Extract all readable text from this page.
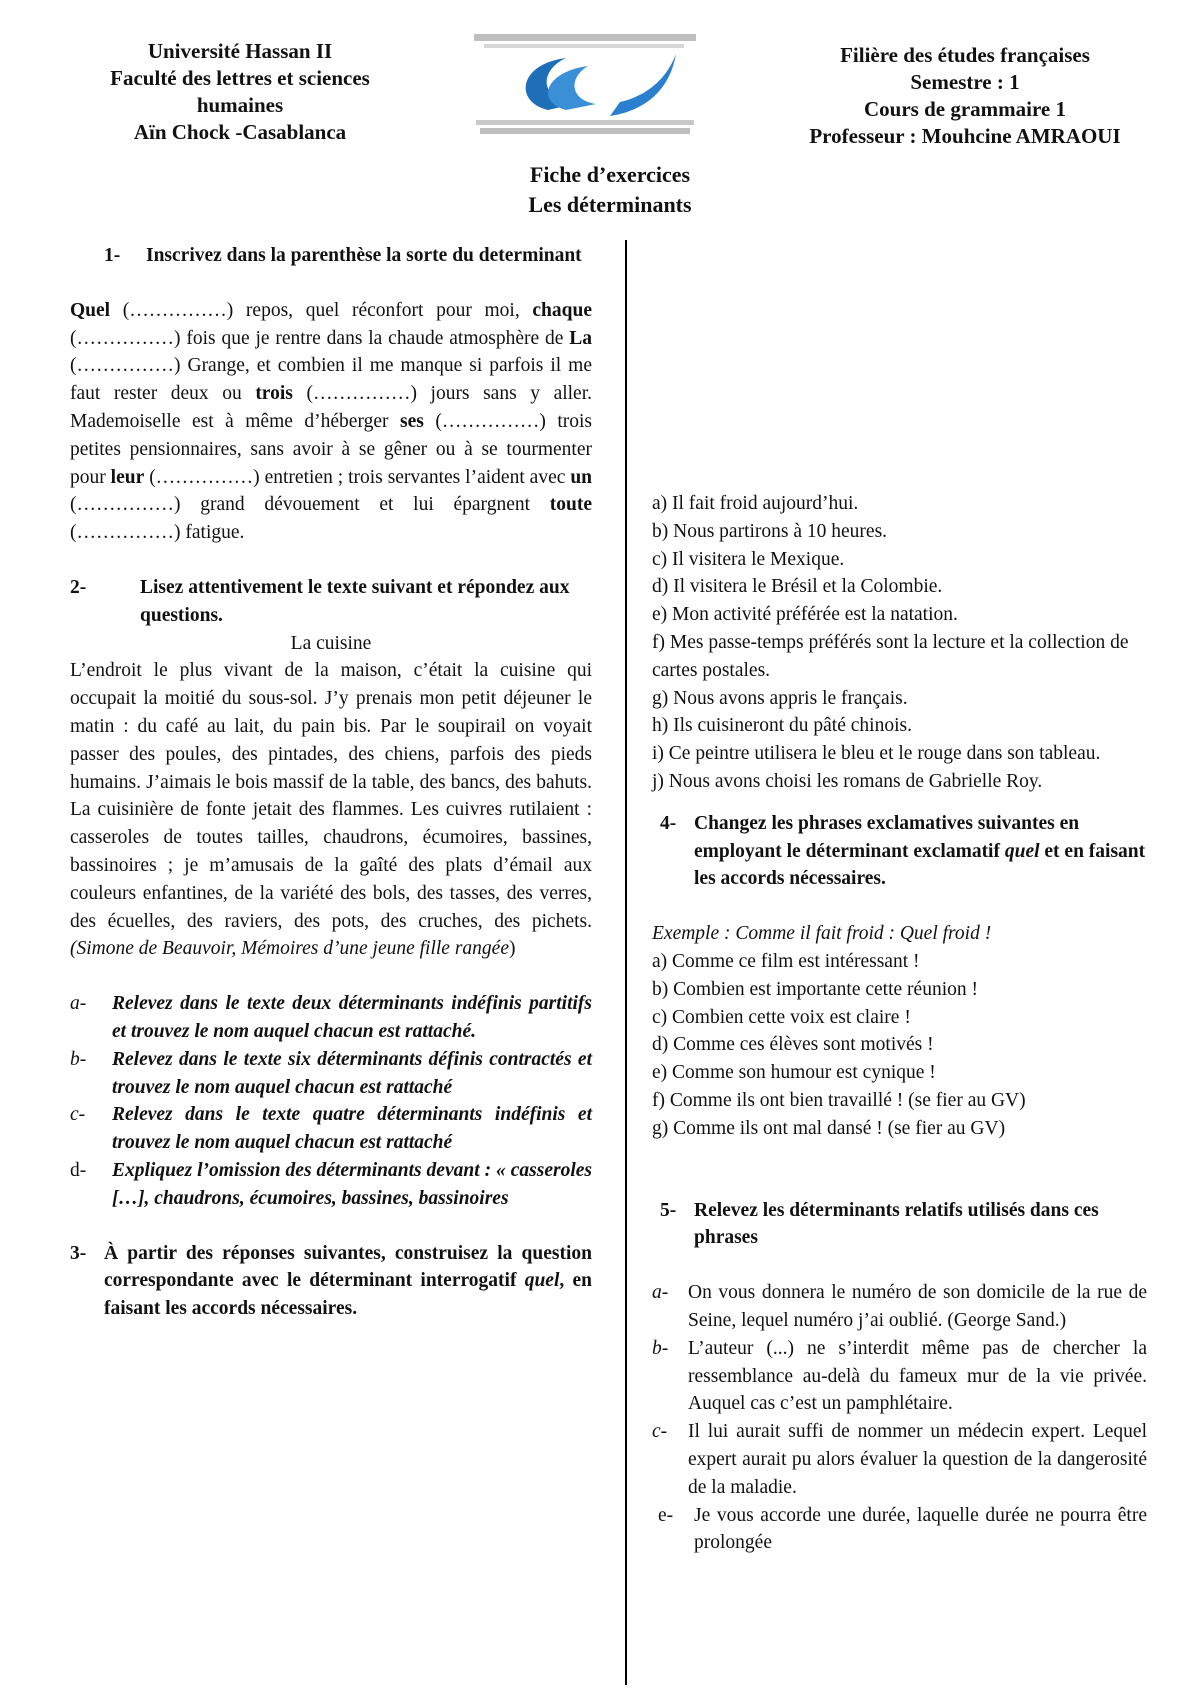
Université Hassan II
Faculté des lettres et sciences
humaines
Aïn Chock -Casablanca
Filière des études françaises
Semestre : 1
Cours de grammaire 1
Professeur : Mouhcine AMRAOUI
Fiche d’exercices
Les déterminants
1-	Inscrivez dans la parenthèse la sorte du determinant

Quel (……………) repos, quel réconfort pour moi, chaque (……………) fois que je rentre dans la chaude atmosphère de La (……………) Grange, et combien il me manque si parfois il me faut rester deux ou trois (……………) jours sans y aller. Mademoiselle est à même d’héberger ses (……………) trois petites pensionnaires, sans avoir à se gêner ou à se tourmenter pour leur (……………) entretien ; trois servantes l’aident avec un (……………) grand dévouement et lui épargnent toute (……………) fatigue.

2-	Lisez attentivement le texte suivant et répondez aux questions.
La cuisine

L’endroit le plus vivant de la maison, c’était la cuisine qui occupait la moitié du sous-sol. J’y prenais mon petit déjeuner le matin : du café au lait, du pain bis. Par le soupirail on voyait passer des poules, des pintades, des chiens, parfois des pieds humains. J’aimais le bois massif de la table, des bancs, des bahuts. La cuisinière de fonte jetait des flammes. Les cuivres rutilaient : casseroles de toutes tailles, chaudrons, écumoires, bassines, bassinoires ; je m’amusais de la gaîté des plats d’émail aux couleurs enfantines, de la variété des bols, des tasses, des verres, des écuelles, des raviers, des pots, des cruches, des pichets. (Simone de Beauvoir, Mémoires d’une jeune fille rangée)

a-	Relevez dans le texte deux déterminants indéfinis partitifs et trouvez le nom auquel chacun est rattaché.
b-	Relevez dans le texte six déterminants définis contractés et trouvez le nom auquel chacun est rattaché
c-	Relevez dans le texte quatre déterminants indéfinis et trouvez le nom auquel chacun est rattaché
d-	Expliquez l’omission des déterminants devant : « casseroles […], chaudrons, écumoires, bassines, bassinoires

3- À partir des réponses suivantes, construisez la question correspondante avec le déterminant interrogatif quel, en faisant les accords nécessaires.

a) Il fait froid aujourd’hui.
b) Nous partirons à 10 heures.
c) Il visitera le Mexique.
d) Il visitera le Brésil et la Colombie.
e) Mon activité préférée est la natation.
f) Mes passe-temps préférés sont la lecture et la collection de cartes postales.
g) Nous avons appris le français.
h) Ils cuisineront du pâté chinois.
i) Ce peintre utilisera le bleu et le rouge dans son tableau.
j) Nous avons choisi les romans de Gabrielle Roy.

4- Changez les phrases exclamatives suivantes en employant le déterminant exclamatif quel et en faisant les accords nécessaires.

Exemple : Comme il fait froid : Quel froid !
a) Comme ce film est intéressant !
b) Combien est importante cette réunion !
c) Combien cette voix est claire !
d) Comme ces élèves sont motivés !
e) Comme son humour est cynique !
f) Comme ils ont bien travaillé ! (se fier au GV)
g) Comme ils ont mal dansé ! (se fier au GV)
5- Relevez les déterminants relatifs utilisés dans ces phrases
a-	On vous donnera le numéro de son domicile de la rue de Seine, lequel numéro j’ai oublié. (George Sand.)
b-	L’auteur (...) ne s’interdit même pas de chercher la ressemblance au-delà du fameux mur de la vie privée. Auquel cas c’est un pamphlétaire.
c-	Il lui aurait suffi de nommer un médecin expert. Lequel expert aurait pu alors évaluer la question de la dangerosité de la maladie.
e-	Je vous accorde une durée, laquelle durée ne pourra être prolongée
